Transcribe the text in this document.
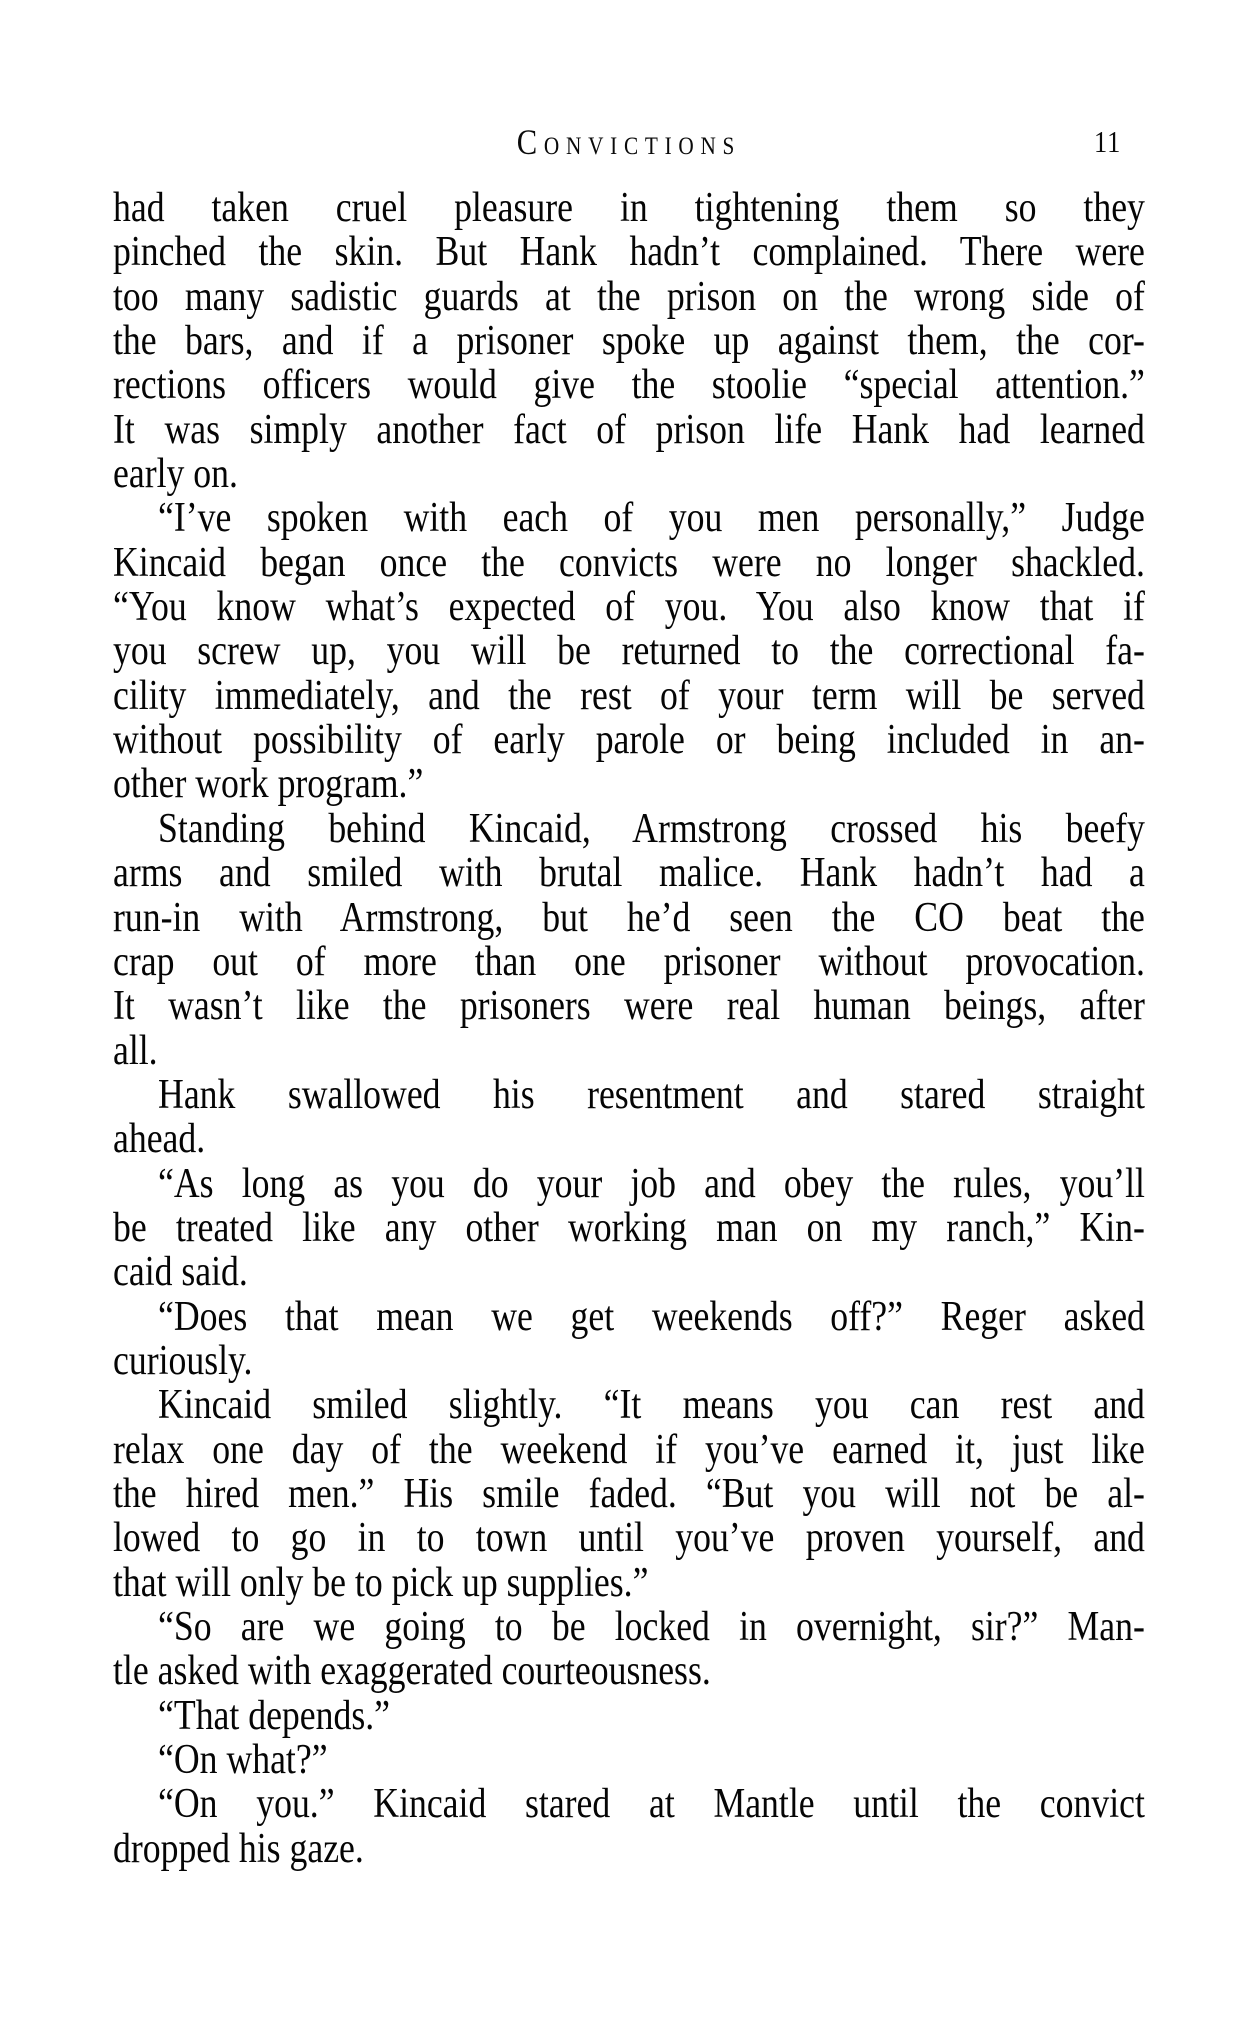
Convictions	11
had taken cruel pleasure in tightening them so they
pinched the skin. But Hank hadn’t complained. There were
too many sadistic guards at the prison on the wrong side of
the bars, and if a prisoner spoke up against them, the cor-
rections officers would give the stoolie “special attention.”
It was simply another fact of prison life Hank had learned
early on.
“I’ve spoken with each of you men personally,” Judge
Kincaid began once the convicts were no longer shackled.
“You know what’s expected of you. You also know that if
you screw up, you will be returned to the correctional fa-
cility immediately, and the rest of your term will be served
without possibility of early parole or being included in an-
other work program.”
Standing behind Kincaid, Armstrong crossed his beefy
arms and smiled with brutal malice. Hank hadn’t had a
run-in with Armstrong, but he’d seen the CO beat the
crap out of more than one prisoner without provocation.
It wasn’t like the prisoners were real human beings, after
all.
Hank swallowed his resentment and stared straight
ahead.
“As long as you do your job and obey the rules, you’ll
be treated like any other working man on my ranch,” Kin-
caid said.
“Does that mean we get weekends off?” Reger asked
curiously.
Kincaid smiled slightly. “It means you can rest and
relax one day of the weekend if you’ve earned it, just like
the hired men.” His smile faded. “But you will not be al-
lowed to go in to town until you’ve proven yourself, and
that will only be to pick up supplies.”
“So are we going to be locked in overnight, sir?” Man-
tle asked with exaggerated courteousness.
“That depends.”
“On what?”
“On you.” Kincaid stared at Mantle until the convict
dropped his gaze.
